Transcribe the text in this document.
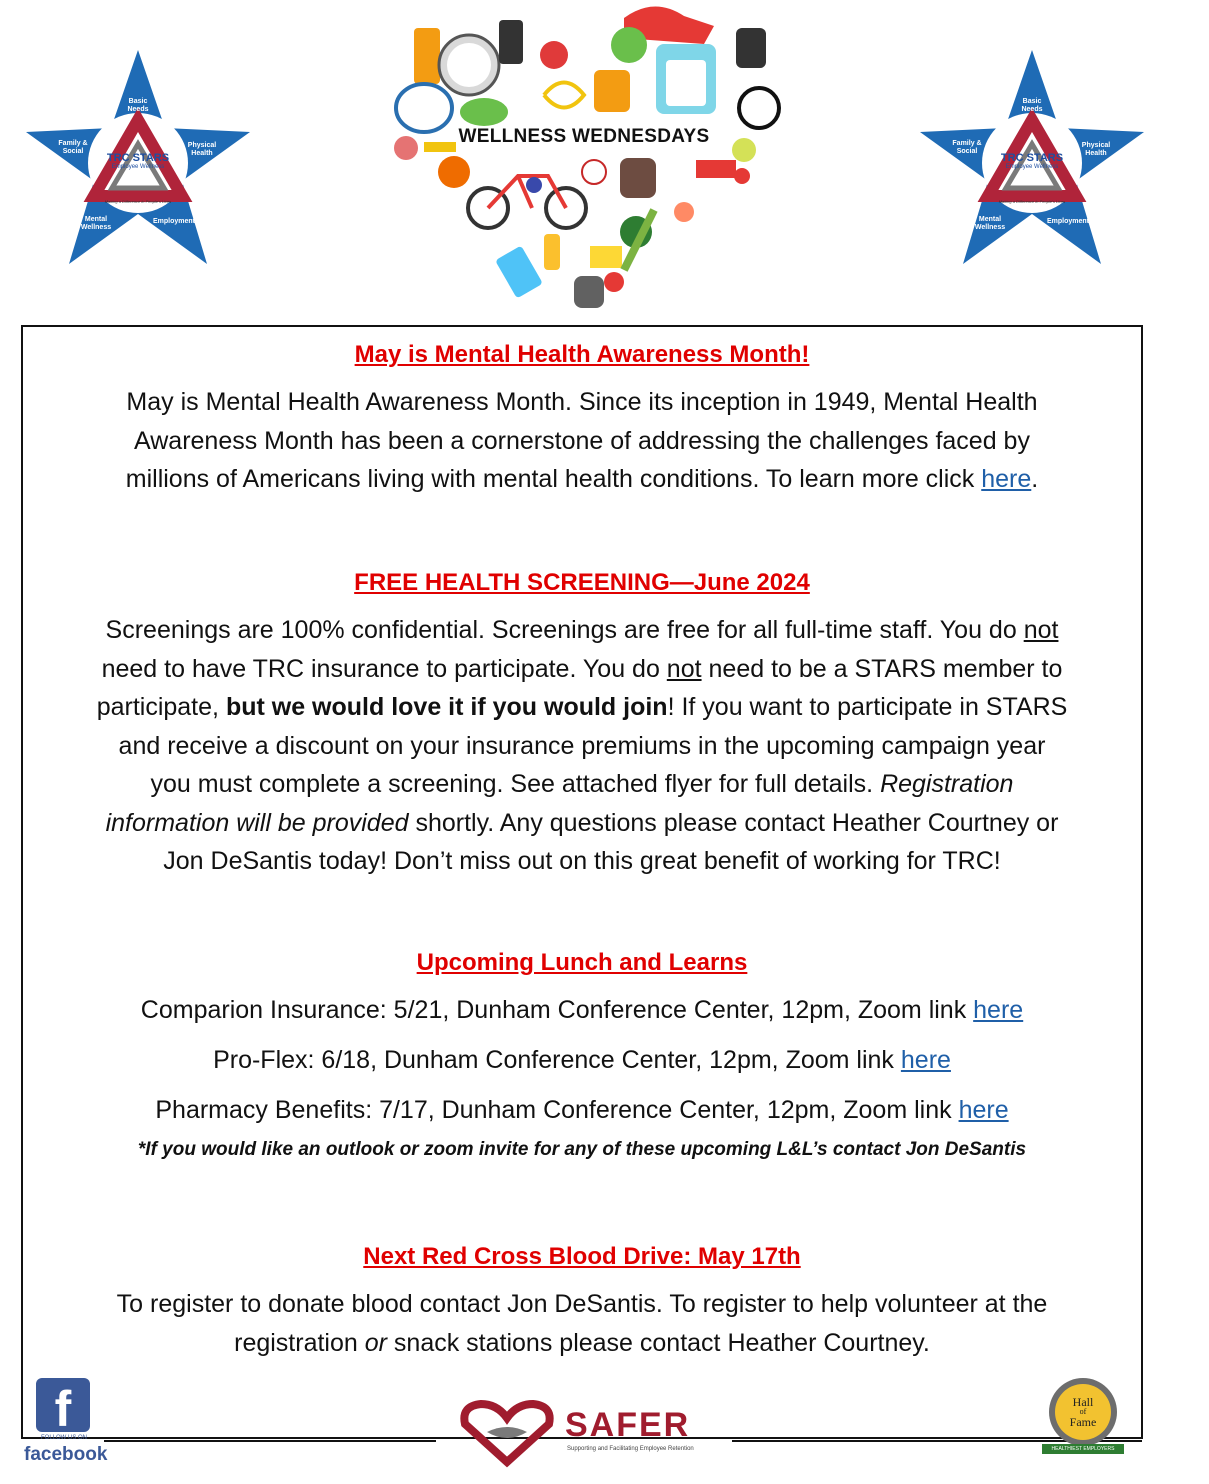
Basic Needs
Family & Social
Physical Health
Mental Wellness
Employment
TRC STARS
Employee Wellness
Making a Difference in People's Lives
Basic Needs
Family & Social
Physical Health
Mental Wellness
Employment
TRC STARS
Employee Wellness
Making a Difference in People's Lives
WELLNESS WEDNESDAYS

May is Mental Health Awareness Month!

May is Mental Health Awareness Month. Since its inception in 1949, Mental Health

Awareness Month has been a cornerstone of addressing the challenges faced by

millions of Americans living with mental health conditions. To learn more click here.

FREE HEALTH SCREENING—June 2024

Screenings are 100% confidential. Screenings are free for all full-time staff. You do not

need to have TRC insurance to participate. You do not need to be a STARS member to

participate, but we would love it if you would join! If you want to participate in STARS

and receive a discount on your insurance premiums in the upcoming campaign year

you must complete a screening. See attached flyer for full details. Registration

information will be provided shortly. Any questions please contact Heather Courtney or

Jon DeSantis today! Don’t miss out on this great benefit of working for TRC!

Upcoming Lunch and Learns

Comparion Insurance: 5/21, Dunham Conference Center, 12pm, Zoom link here

Pro-Flex: 6/18, Dunham Conference Center, 12pm, Zoom link here

Pharmacy Benefits: 7/17, Dunham Conference Center, 12pm, Zoom link here

*If you would like an outlook or zoom invite for any of these upcoming L&L’s contact Jon DeSantis

Next Red Cross Blood Drive: May 17th

To register to donate blood contact Jon DeSantis. To register to help volunteer at the

registration or snack stations please contact Heather Courtney.

f
FOLLOW US ON
facebook
SAFER
Supporting and Facilitating Employee Retention
Hall
of
Fame
HEALTHIEST EMPLOYERS
